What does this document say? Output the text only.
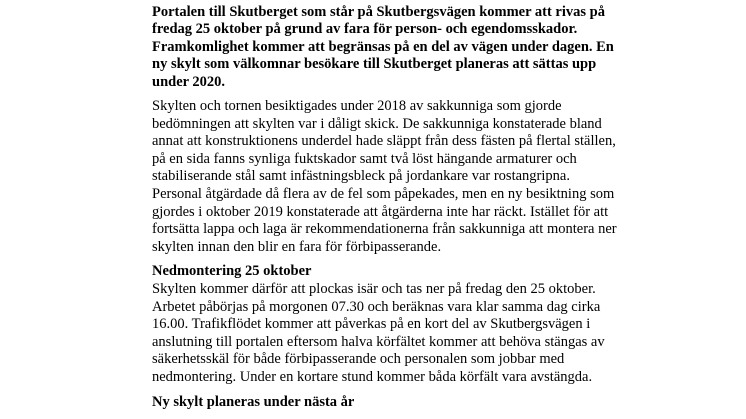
Portalen till Skutberget som står på Skutbergsvägen kommer att rivas på fredag 25 oktober på grund av fara för person- och egendomsskador. Framkomlighet kommer att begränsas på en del av vägen under dagen. En ny skylt som välkomnar besökare till Skutberget planeras att sättas upp under 2020.

Skylten och tornen besiktigades under 2018 av sakkunniga som gjorde bedömningen att skylten var i dåligt skick. De sakkunniga konstaterade bland annat att konstruktionens underdel hade släppt från dess fästen på flertal ställen, på en sida fanns synliga fuktskador samt två löst hängande armaturer och stabiliserande stål samt infästningsbleck på jordankare var rostangripna. Personal åtgärdade då flera av de fel som påpekades, men en ny besiktning som gjordes i oktober 2019 konstaterade att åtgärderna inte har räckt. Istället för att fortsätta lappa och laga är rekommendationerna från sakkunniga att montera ner skylten innan den blir en fara för förbipasserande.

Nedmontering 25 oktober

Skylten kommer därför att plockas isär och tas ner på fredag den 25 oktober. Arbetet påbörjas på morgonen 07.30 och beräknas vara klar samma dag cirka 16.00. Trafikflödet kommer att påverkas på en kort del av Skutbergsvägen i anslutning till portalen eftersom halva körfältet kommer att behöva stängas av säkerhetsskäl för både förbipasserande och personalen som jobbar med nedmontering. Under en kortare stund kommer båda körfält vara avstängda.

Ny skylt planeras under nästa år
